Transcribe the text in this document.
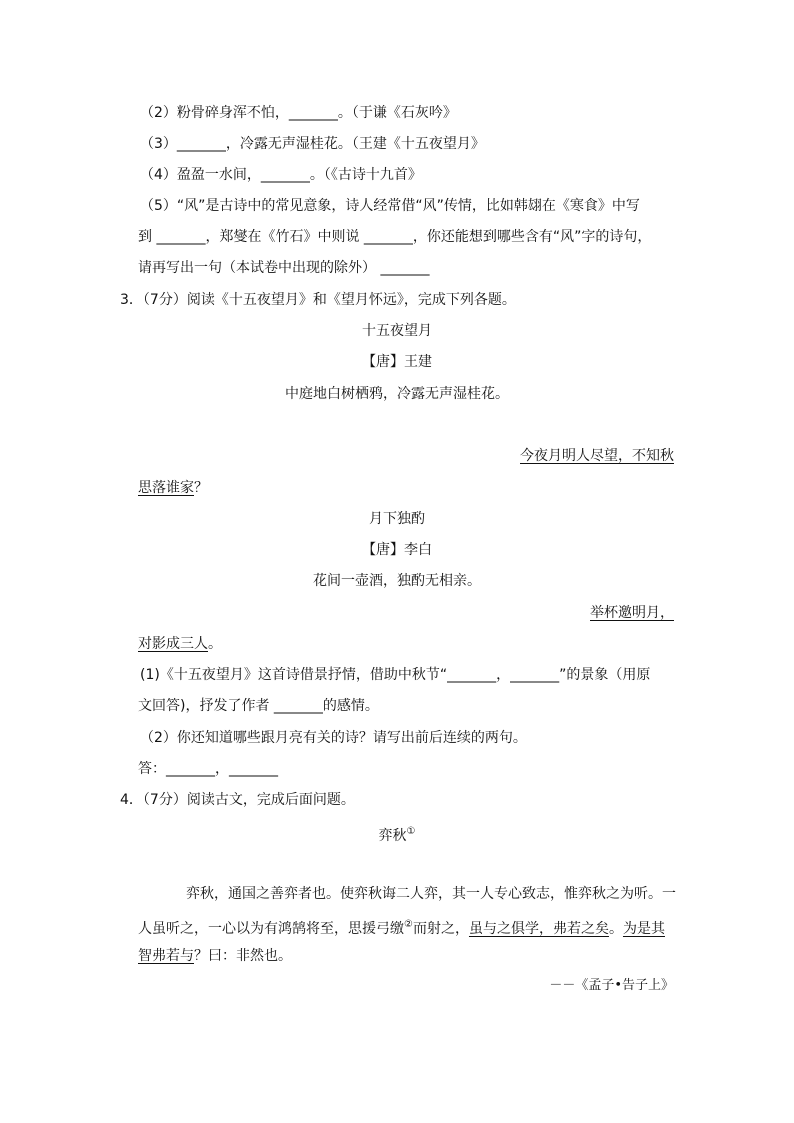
（2）粉骨碎身浑不怕，_______。（于谦《石灰吟》
（3）_______，冷露无声湿桂花。（王建《十五夜望月》
（4）盈盈一水间，_______。（《古诗十九首》
（5）“风”是古诗中的常见意象，诗人经常借“风”传情，比如韩翃在《寒食》中写
到 _______，郑燮在《竹石》中则说 _______，你还能想到哪些含有“风”字的诗句，
请再写出一句（本试卷中出现的除外） _______
3．（7分）阅读《十五夜望月》和《望月怀远》，完成下列各题。
十五夜望月
【唐】王建
中庭地白树栖鸦，冷露无声湿桂花。
今夜月明人尽望，不知秋
思落谁家？
月下独酌
【唐】李白
花间一壶酒，独酌无相亲。
举杯邀明月，
对影成三人。
(1)《十五夜望月》这首诗借景抒情，借助中秋节“_______，_______”的景象（用原
文回答)，抒发了作者 _______的感情。
（2）你还知道哪些跟月亮有关的诗？请写出前后连续的两句。
答：_______，_______
4．（7分）阅读古文，完成后面问题。
弈秋①
弈秋，通国之善弈者也。使弈秋诲二人弈，其一人专心致志，惟弈秋之为听。一
人虽听之，一心以为有鸿鹄将至，思援弓缴②而射之，虽与之俱学，弗若之矣。为是其
智弗若与？曰：非然也。
－－《孟子•告子上》
